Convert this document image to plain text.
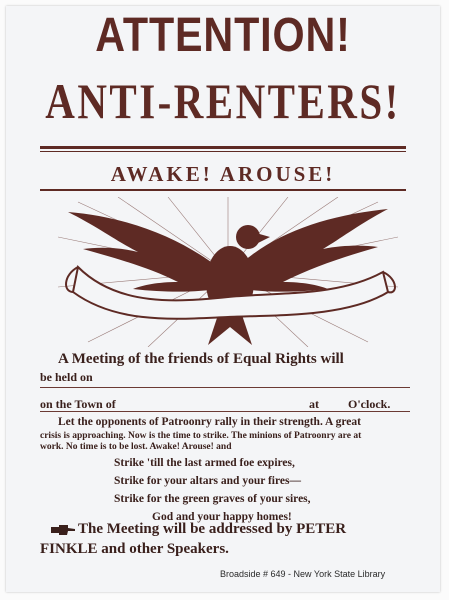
ATTENTION!
ANTI-RENTERS!
AWAKE! AROUSE!
A Meeting of the friends of Equal Rights will
be held on
on the Town of	at O'clock.
Let the opponents of Patroonry rally in their strength. A great
crisis is approaching. Now is the time to strike. The minions of Patroonry are at
work. No time is to be lost. Awake! Arouse! and
Strike 'till the last armed foe expires,
Strike for your altars and your fires—
Strike for the green graves of your sires,
God and your happy homes!
The Meeting will be addressed by PETER
FINKLE and other Speakers.
Broadside # 649 - New York State Library
